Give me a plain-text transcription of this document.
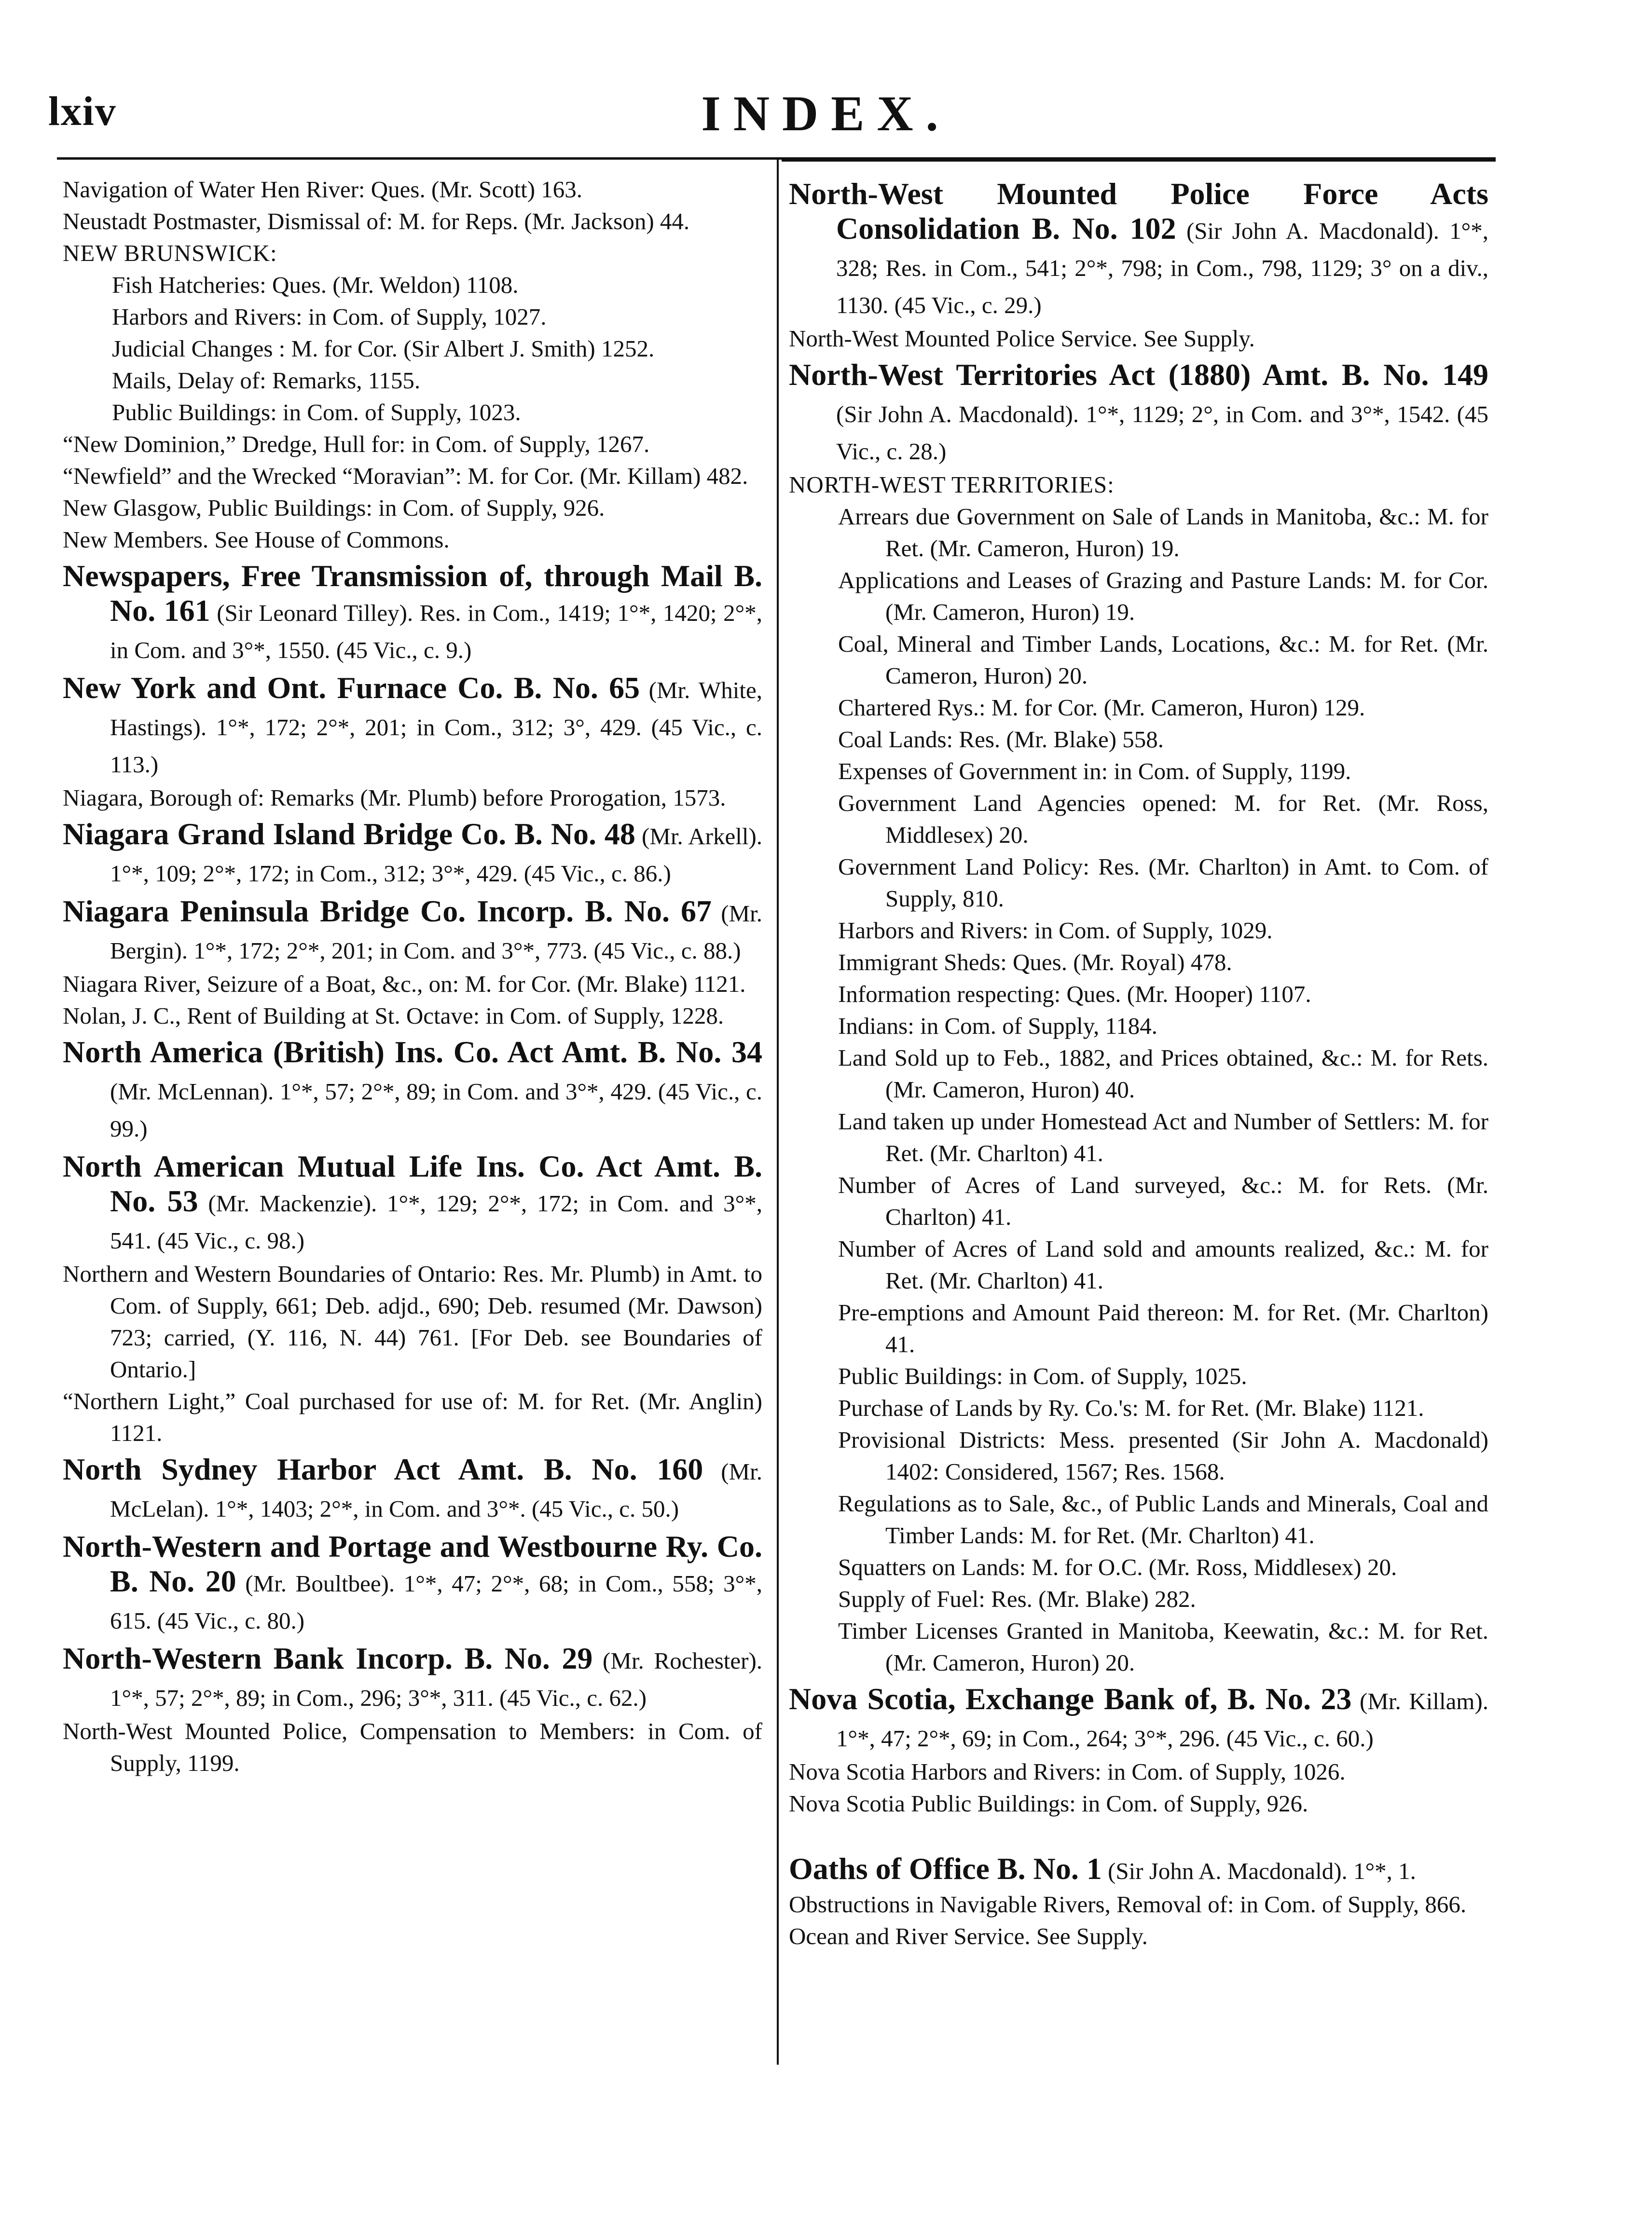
lxiv	INDEX.

Navigation of Water Hen River: Ques. (Mr. Scott) 163.

Neustadt Postmaster, Dismissal of: M. for Reps. (Mr. Jackson) 44.

NEW BRUNSWICK:

Fish Hatcheries: Ques. (Mr. Weldon) 1108.

Harbors and Rivers: in Com. of Supply, 1027.

Judicial Changes : M. for Cor. (Sir Albert J. Smith) 1252.

Mails, Delay of: Remarks, 1155.

Public Buildings: in Com. of Supply, 1023.

“New Dominion,” Dredge, Hull for: in Com. of Supply, 1267.

“Newfield” and the Wrecked “Moravian”: M. for Cor. (Mr. Killam) 482.

New Glasgow, Public Buildings: in Com. of Supply, 926.

New Members. See House of Commons.

Newspapers, Free Transmission of, through Mail B. No. 161 (Sir Leonard Tilley). Res. in Com., 1419; 1°*, 1420; 2°*, in Com. and 3°*, 1550. (45 Vic., c. 9.)

New York and Ont. Furnace Co. B. No. 65 (Mr. White, Hastings). 1°*, 172; 2°*, 201; in Com., 312; 3°, 429. (45 Vic., c. 113.)

Niagara, Borough of: Remarks (Mr. Plumb) before Prorogation, 1573.

Niagara Grand Island Bridge Co. B. No. 48 (Mr. Arkell). 1°*, 109; 2°*, 172; in Com., 312; 3°*, 429. (45 Vic., c. 86.)

Niagara Peninsula Bridge Co. Incorp. B. No. 67 (Mr. Bergin). 1°*, 172; 2°*, 201; in Com. and 3°*, 773. (45 Vic., c. 88.)

Niagara River, Seizure of a Boat, &c., on: M. for Cor. (Mr. Blake) 1121.

Nolan, J. C., Rent of Building at St. Octave: in Com. of Supply, 1228.

North America (British) Ins. Co. Act Amt. B. No. 34 (Mr. McLennan). 1°*, 57; 2°*, 89; in Com. and 3°*, 429. (45 Vic., c. 99.)

North American Mutual Life Ins. Co. Act Amt. B. No. 53 (Mr. Mackenzie). 1°*, 129; 2°*, 172; in Com. and 3°*, 541. (45 Vic., c. 98.)

Northern and Western Boundaries of Ontario: Res. Mr. Plumb) in Amt. to Com. of Supply, 661; Deb. adjd., 690; Deb. resumed (Mr. Dawson) 723; carried, (Y. 116, N. 44) 761. [For Deb. see Boundaries of Ontario.]

“Northern Light,” Coal purchased for use of: M. for Ret. (Mr. Anglin) 1121.

North Sydney Harbor Act Amt. B. No. 160 (Mr. McLelan). 1°*, 1403; 2°*, in Com. and 3°*. (45 Vic., c. 50.)

North-Western and Portage and Westbourne Ry. Co. B. No. 20 (Mr. Boultbee). 1°*, 47; 2°*, 68; in Com., 558; 3°*, 615. (45 Vic., c. 80.)

North-Western Bank Incorp. B. No. 29 (Mr. Rochester). 1°*, 57; 2°*, 89; in Com., 296; 3°*, 311. (45 Vic., c. 62.)

North-West Mounted Police, Compensation to Members: in Com. of Supply, 1199.

North-West Mounted Police Force Acts Consolidation B. No. 102 (Sir John A. Macdonald). 1°*, 328; Res. in Com., 541; 2°*, 798; in Com., 798, 1129; 3° on a div., 1130. (45 Vic., c. 29.)

North-West Mounted Police Service. See Supply.

North-West Territories Act (1880) Amt. B. No. 149 (Sir John A. Macdonald). 1°*, 1129; 2°, in Com. and 3°*, 1542. (45 Vic., c. 28.)

NORTH-WEST TERRITORIES:

Arrears due Government on Sale of Lands in Manitoba, &c.: M. for Ret. (Mr. Cameron, Huron) 19.

Applications and Leases of Grazing and Pasture Lands: M. for Cor. (Mr. Cameron, Huron) 19.

Coal, Mineral and Timber Lands, Locations, &c.: M. for Ret. (Mr. Cameron, Huron) 20.

Chartered Rys.: M. for Cor. (Mr. Cameron, Huron) 129.

Coal Lands: Res. (Mr. Blake) 558.

Expenses of Government in: in Com. of Supply, 1199.

Government Land Agencies opened: M. for Ret. (Mr. Ross, Middlesex) 20.

Government Land Policy: Res. (Mr. Charlton) in Amt. to Com. of Supply, 810.

Harbors and Rivers: in Com. of Supply, 1029.

Immigrant Sheds: Ques. (Mr. Royal) 478.

Information respecting: Ques. (Mr. Hooper) 1107.

Indians: in Com. of Supply, 1184.

Land Sold up to Feb., 1882, and Prices obtained, &c.: M. for Rets. (Mr. Cameron, Huron) 40.

Land taken up under Homestead Act and Number of Settlers: M. for Ret. (Mr. Charlton) 41.

Number of Acres of Land surveyed, &c.: M. for Rets. (Mr. Charlton) 41.

Number of Acres of Land sold and amounts realized, &c.: M. for Ret. (Mr. Charlton) 41.

Pre-emptions and Amount Paid thereon: M. for Ret. (Mr. Charlton) 41.

Public Buildings: in Com. of Supply, 1025.

Purchase of Lands by Ry. Co.'s: M. for Ret. (Mr. Blake) 1121.

Provisional Districts: Mess. presented (Sir John A. Macdonald) 1402: Considered, 1567; Res. 1568.

Regulations as to Sale, &c., of Public Lands and Minerals, Coal and Timber Lands: M. for Ret. (Mr. Charlton) 41.

Squatters on Lands: M. for O.C. (Mr. Ross, Middlesex) 20.

Supply of Fuel: Res. (Mr. Blake) 282.

Timber Licenses Granted in Manitoba, Keewatin, &c.: M. for Ret. (Mr. Cameron, Huron) 20.

Nova Scotia, Exchange Bank of, B. No. 23 (Mr. Killam). 1°*, 47; 2°*, 69; in Com., 264; 3°*, 296. (45 Vic., c. 60.)

Nova Scotia Harbors and Rivers: in Com. of Supply, 1026.

Nova Scotia Public Buildings: in Com. of Supply, 926.

Oaths of Office B. No. 1 (Sir John A. Macdonald). 1°*, 1.

Obstructions in Navigable Rivers, Removal of: in Com. of Supply, 866.

Ocean and River Service. See Supply.
